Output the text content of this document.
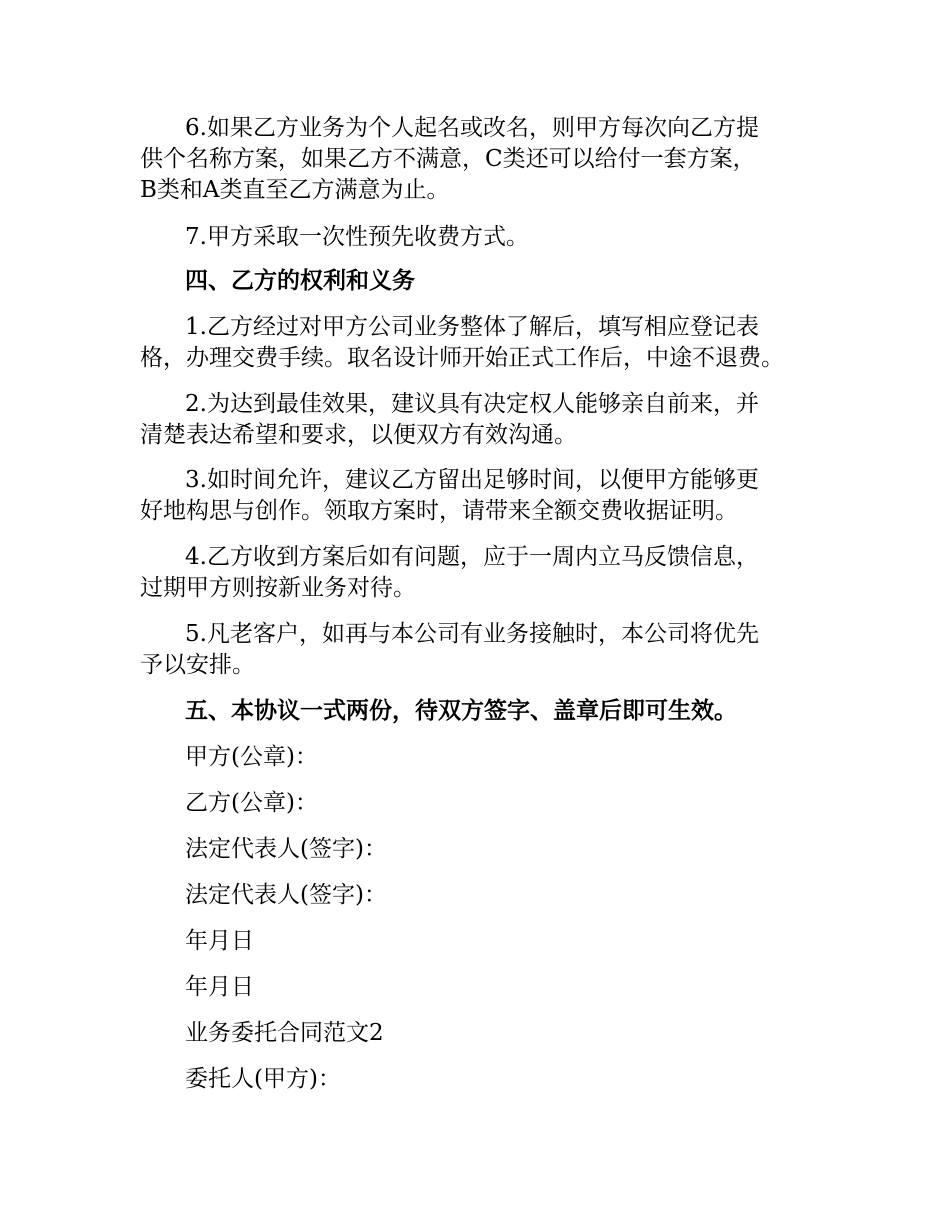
6.如果乙方业务为个人起名或改名，则甲方每次向乙方提
供个名称方案，如果乙方不满意，C类还可以给付一套方案，
B类和A类直至乙方满意为止。

7.甲方采取一次性预先收费方式。

四、乙方的权利和义务

1.乙方经过对甲方公司业务整体了解后，填写相应登记表
格，办理交费手续。取名设计师开始正式工作后，中途不退费。

2.为达到最佳效果，建议具有决定权人能够亲自前来，并
清楚表达希望和要求，以便双方有效沟通。

3.如时间允许，建议乙方留出足够时间，以便甲方能够更
好地构思与创作。领取方案时，请带来全额交费收据证明。

4.乙方收到方案后如有问题，应于一周内立马反馈信息，
过期甲方则按新业务对待。

5.凡老客户，如再与本公司有业务接触时，本公司将优先
予以安排。

五、本协议一式两份，待双方签字、盖章后即可生效。

甲方(公章)：

乙方(公章)：

法定代表人(签字)：

法定代表人(签字)：

年月日

年月日

业务委托合同范文2

委托人(甲方)：
